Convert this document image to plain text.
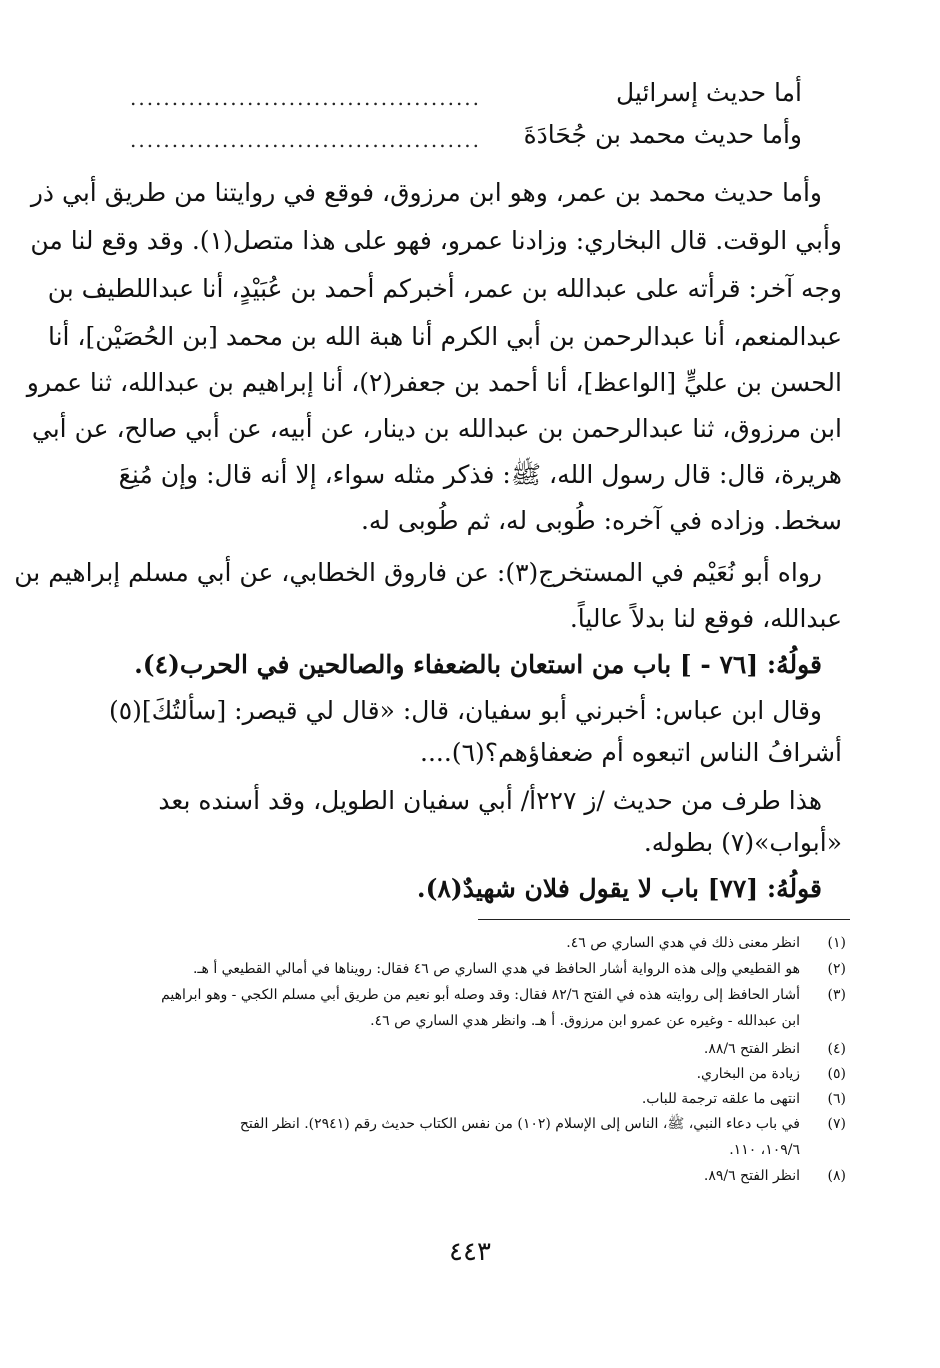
أما حديث إسرائيل
..........................................
وأما حديث محمد بن جُحَادَةَ
..........................................
وأما حديث محمد بن عمر، وهو ابن مرزوق، فوقع في روايتنا من طريق أبي ذر
وأبي الوقت. قال البخاري: وزادنا عمرو، فهو على هذا متصل(١). وقد وقع لنا من
وجه آخر: قرأته على عبدالله بن عمر، أخبركم أحمد بن عُبَيْدٍ، أنا عبداللطيف بن
عبدالمنعم، أنا عبدالرحمن بن أبي الكرم أنا هبة الله بن محمد [بن الحُصَيْن]، أنا
الحسن بن عليٍّ [الواعظ]، أنا أحمد بن جعفر(٢)، أنا إبراهيم بن عبدالله، ثنا عمرو
ابن مرزوق، ثنا عبدالرحمن بن عبدالله بن دينار، عن أبيه، عن أبي صالح، عن أبي
هريرة، قال: قال رسول الله، ﷺ: فذكر مثله سواء، إلا أنه قال: وإن مُنِعَ
سخط. وزاده في آخره: طُوبى له، ثم طُوبى له.
رواه أبو نُعَيْم في المستخرج(٣): عن فاروق الخطابي، عن أبي مسلم إبراهيم بن
عبدالله، فوقع لنا بدلاً عالياً.
قولُهُ: [٧٦ - ] باب من استعان بالضعفاء والصالحين في الحرب(٤).
وقال ابن عباس: أخبرني أبو سفيان، قال: «قال لي قيصر: [سألتُكَ](٥)
أشرافُ الناس اتبعوه أم ضعفاؤهم؟(٦)....
هذا طرف من حديث /ز ٢٢٧أ/ أبي سفيان الطويل، وقد أسنده بعد
«أبواب»(٧) بطوله.
قولُهُ: [٧٧] باب لا يقول فلان شهيدٌ(٨).
(١)
انظر معنى ذلك في هدي الساري ص ٤٦.
(٢)
هو القطيعي وإلى هذه الرواية أشار الحافظ في هدي الساري ص ٤٦ فقال: رويناها في أمالي القطيعي أ هـ.
(٣)
أشار الحافظ إلى روايته هذه في الفتح ٨٢/٦ فقال: وقد وصله أبو نعيم من طريق أبي مسلم الكجي - وهو ابراهيم
ابن عبدالله - وغيره عن عمرو ابن مرزوق. أ هـ. وانظر هدي الساري ص ٤٦.
(٤)
انظر الفتح ٨٨/٦.
(٥)
زيادة من البخاري.
(٦)
انتهى ما علقه ترجمة للباب.
(٧)
في باب دعاء النبي، ﷺ، الناس إلى الإسلام (١٠٢) من نفس الكتاب حديث رقم (٢٩٤١). انظر الفتح
١٠٩/٦، ١١٠.
(٨)
انظر الفتح ٨٩/٦.
٤٤٣
